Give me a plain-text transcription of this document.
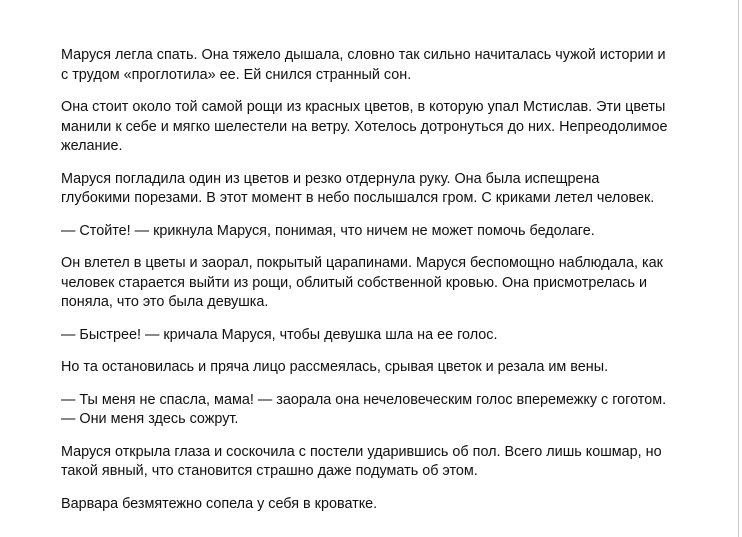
Маруся легла спать. Она тяжело дышала, словно так сильно начиталась чужой истории и
с трудом «проглотила» ее. Ей снился странный сон.

Она стоит около той самой рощи из красных цветов, в которую упал Мстислав. Эти цветы
манили к себе и мягко шелестели на ветру. Хотелось дотронуться до них. Непреодолимое
желание.

Маруся погладила один из цветов и резко отдернула руку. Она была испещрена
глубокими порезами. В этот момент в небо послышался гром. С криками летел человек.

— Стойте! — крикнула Маруся, понимая, что ничем не может помочь бедолаге.

Он влетел в цветы и заорал, покрытый царапинами. Маруся беспомощно наблюдала, как
человек старается выйти из рощи, облитый собственной кровью. Она присмотрелась и
поняла, что это была девушка.

— Быстрее! — кричала Маруся, чтобы девушка шла на ее голос.

Но та остановилась и пряча лицо рассмеялась, срывая цветок и резала им вены.

— Ты меня не спасла, мама! — заорала она нечеловеческим голос вперемежку с гоготом.
— Они меня здесь сожрут.

Маруся открыла глаза и соскочила с постели ударившись об пол. Всего лишь кошмар, но
такой явный, что становится страшно даже подумать об этом.

Варвара безмятежно сопела у себя в кроватке.
